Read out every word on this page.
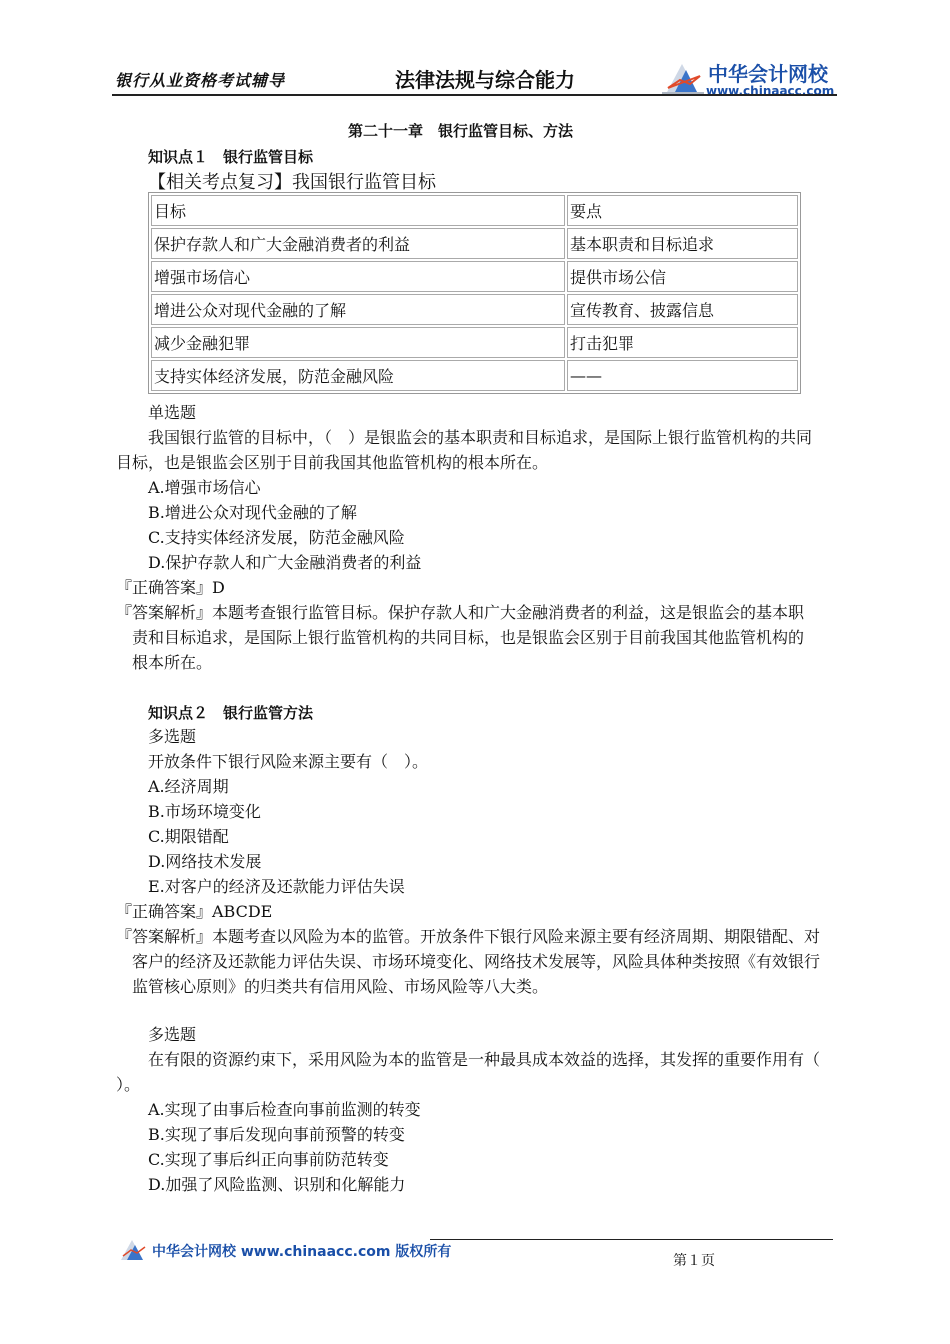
银行从业资格考试辅导	法律法规与综合能力	中华会计网校
www.chinaacc.com
第二十一章　银行监管目标、方法
知识点１　银行监管目标
【相关考点复习】我国银行监管目标
目标	要点
保护存款人和广大金融消费者的利益	基本职责和目标追求
增强市场信心	提供市场公信
增进公众对现代金融的了解	宣传教育、披露信息
减少金融犯罪	打击犯罪
支持实体经济发展，防范金融风险	——
单选题
我国银行监管的目标中，（　）是银监会的基本职责和目标追求，是国际上银行监管机构的共同
目标，也是银监会区别于目前我国其他监管机构的根本所在。
A.增强市场信心
B.增进公众对现代金融的了解
C.支持实体经济发展，防范金融风险
D.保护存款人和广大金融消费者的利益
『正确答案』D
『答案解析』本题考查银行监管目标。保护存款人和广大金融消费者的利益，这是银监会的基本职
责和目标追求，是国际上银行监管机构的共同目标，也是银监会区别于目前我国其他监管机构的
根本所在。
知识点２　银行监管方法
多选题
开放条件下银行风险来源主要有（　）。
A.经济周期
B.市场环境变化
C.期限错配
D.网络技术发展
E.对客户的经济及还款能力评估失误
『正确答案』ABCDE
『答案解析』本题考查以风险为本的监管。开放条件下银行风险来源主要有经济周期、期限错配、对
客户的经济及还款能力评估失误、市场环境变化、网络技术发展等，风险具体种类按照《有效银行
监管核心原则》的归类共有信用风险、市场风险等八大类。
多选题
在有限的资源约束下，采用风险为本的监管是一种最具成本效益的选择，其发挥的重要作用有（
）。
A.实现了由事后检查向事前监测的转变
B.实现了事后发现向事前预警的转变
C.实现了事后纠正向事前防范转变
D.加强了风险监测、识别和化解能力
中华会计网校 www.chinaacc.com 版权所有
第１页
